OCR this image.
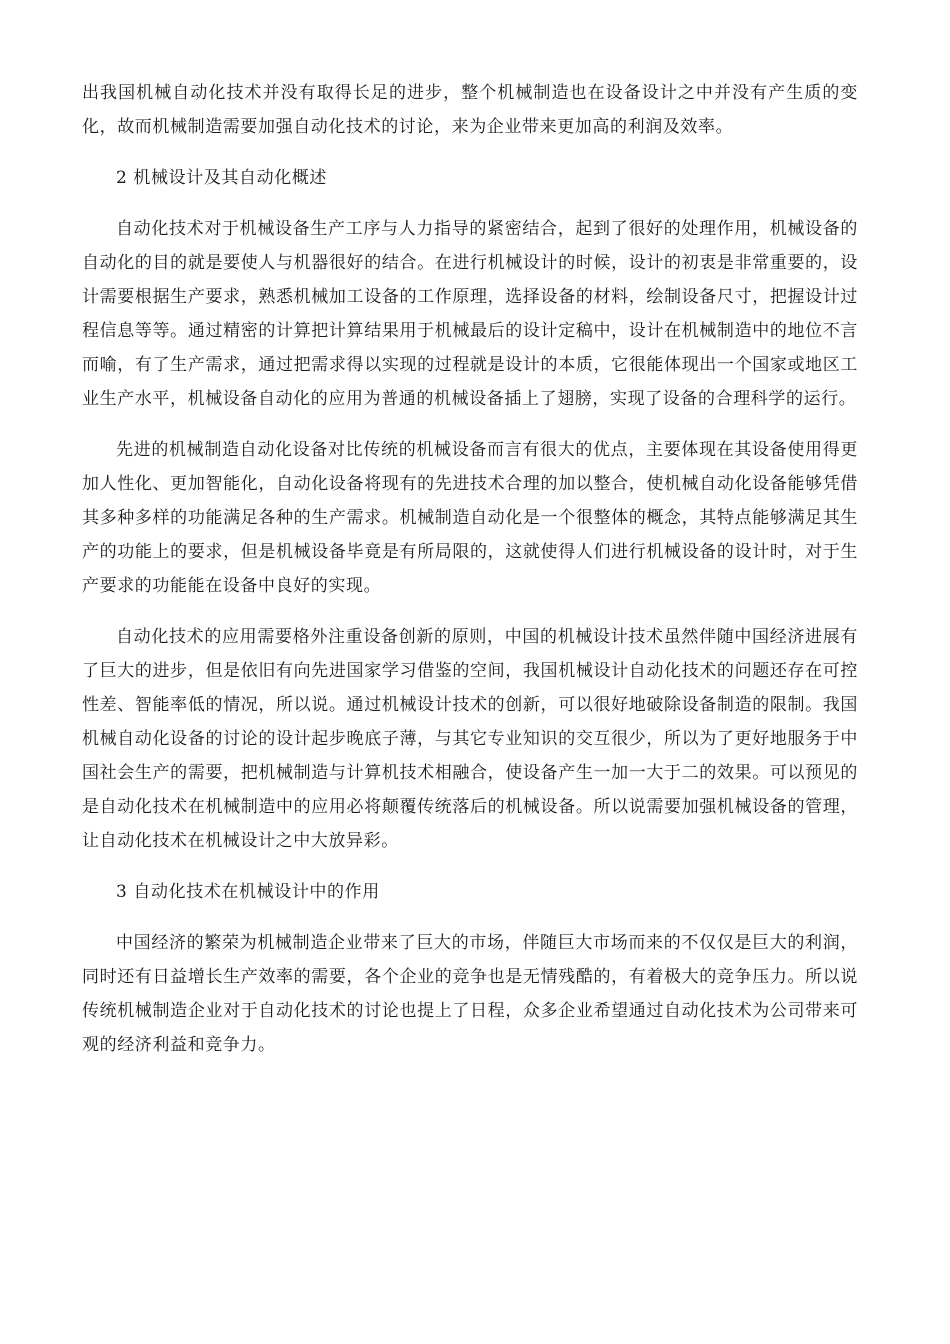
出我国机械自动化技术并没有取得长足的进步，整个机械制造也在设备设计之中并没有产生质的变化，故而机械制造需要加强自动化技术的讨论，来为企业带来更加高的利润及效率。

2 机械设计及其自动化概述

自动化技术对于机械设备生产工序与人力指导的紧密结合，起到了很好的处理作用，机械设备的自动化的目的就是要使人与机器很好的结合。在进行机械设计的时候，设计的初衷是非常重要的，设计需要根据生产要求，熟悉机械加工设备的工作原理，选择设备的材料，绘制设备尺寸，把握设计过程信息等等。通过精密的计算把计算结果用于机械最后的设计定稿中，设计在机械制造中的地位不言而喻，有了生产需求，通过把需求得以实现的过程就是设计的本质，它很能体现出一个国家或地区工业生产水平，机械设备自动化的应用为普通的机械设备插上了翅膀，实现了设备的合理科学的运行。

先进的机械制造自动化设备对比传统的机械设备而言有很大的优点，主要体现在其设备使用得更加人性化、更加智能化，自动化设备将现有的先进技术合理的加以整合，使机械自动化设备能够凭借其多种多样的功能满足各种的生产需求。机械制造自动化是一个很整体的概念，其特点能够满足其生产的功能上的要求，但是机械设备毕竟是有所局限的，这就使得人们进行机械设备的设计时，对于生产要求的功能能在设备中良好的实现。

自动化技术的应用需要格外注重设备创新的原则，中国的机械设计技术虽然伴随中国经济进展有了巨大的进步，但是依旧有向先进国家学习借鉴的空间，我国机械设计自动化技术的问题还存在可控性差、智能率低的情况，所以说。通过机械设计技术的创新，可以很好地破除设备制造的限制。我国机械自动化设备的讨论的设计起步晚底子薄，与其它专业知识的交互很少，所以为了更好地服务于中国社会生产的需要，把机械制造与计算机技术相融合，使设备产生一加一大于二的效果。可以预见的是自动化技术在机械制造中的应用必将颠覆传统落后的机械设备。所以说需要加强机械设备的管理，让自动化技术在机械设计之中大放异彩。

3 自动化技术在机械设计中的作用

中国经济的繁荣为机械制造企业带来了巨大的市场，伴随巨大市场而来的不仅仅是巨大的利润，同时还有日益增长生产效率的需要，各个企业的竞争也是无情残酷的，有着极大的竞争压力。所以说传统机械制造企业对于自动化技术的讨论也提上了日程，众多企业希望通过自动化技术为公司带来可观的经济利益和竞争力。
